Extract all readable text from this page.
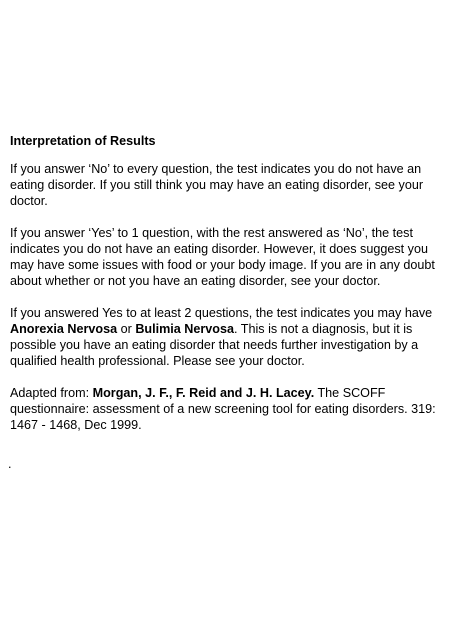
Interpretation of Results

If you answer ‘No’ to every question, the test indicates you do not have an eating disorder. If you still think you may have an eating disorder, see your doctor.

If you answer ‘Yes’ to 1 question, with the rest answered as ‘No’, the test indicates you do not have an eating disorder. However, it does suggest you may have some issues with food or your body image. If you are in any doubt about whether or not you have an eating disorder, see your doctor.

If you answered Yes to at least 2 questions, the test indicates you may have Anorexia Nervosa or Bulimia Nervosa. This is not a diagnosis, but it is possible you have an eating disorder that needs further investigation by a qualified health professional. Please see your doctor.

Adapted from: Morgan, J. F., F. Reid and J. H. Lacey. The SCOFF questionnaire: assessment of a new screening tool for eating disorders. 319: 1467 - 1468, Dec 1999.

.
